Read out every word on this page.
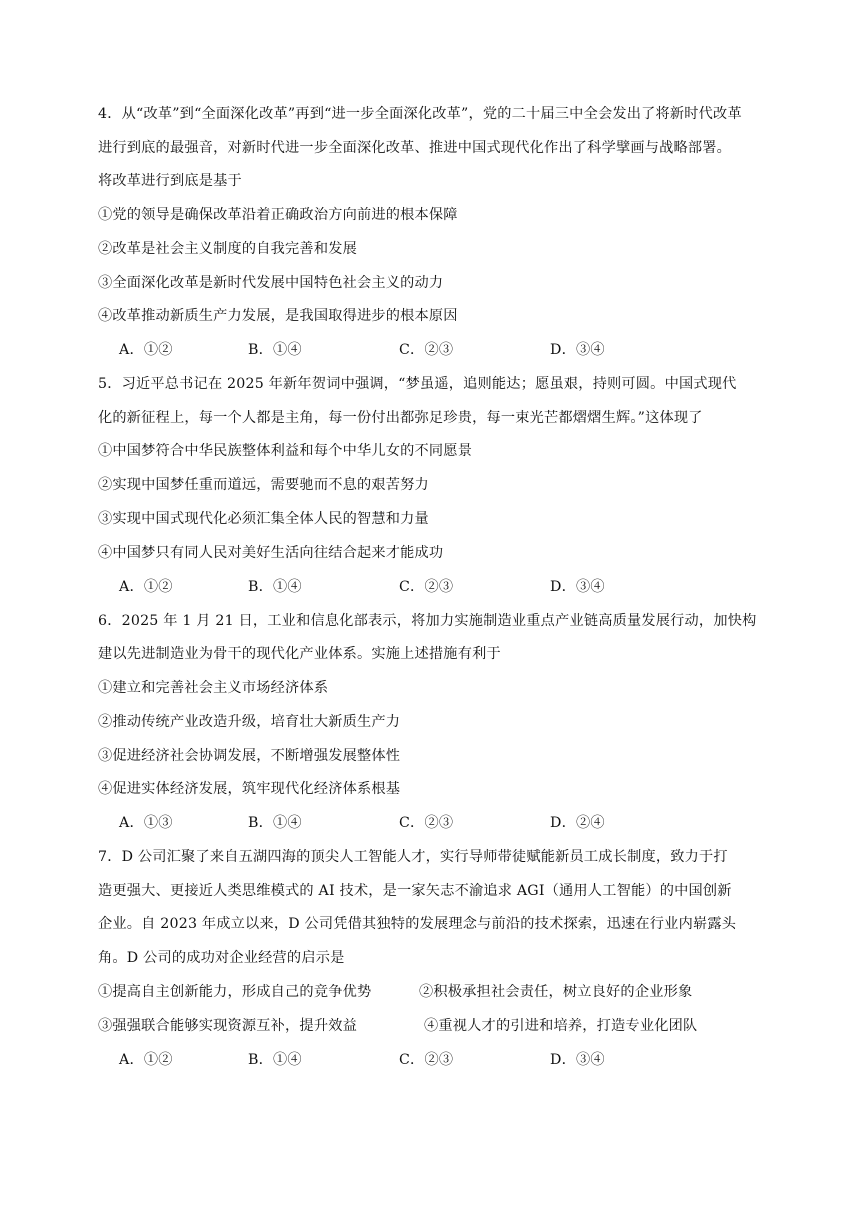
4．从“改革”到“全面深化改革”再到“进一步全面深化改革”，党的二十届三中全会发出了将新时代改革
进行到底的最强音，对新时代进一步全面深化改革、推进中国式现代化作出了科学擘画与战略部署。
将改革进行到底是基于
①党的领导是确保改革沿着正确政治方向前进的根本保障
②改革是社会主义制度的自我完善和发展
③全面深化改革是新时代发展中国特色社会主义的动力
④改革推动新质生产力发展，是我国取得进步的根本原因
A．①②	B．①④	C．②③	D．③④
5．习近平总书记在 2025 年新年贺词中强调，“梦虽遥，追则能达；愿虽艰，持则可圆。中国式现代
化的新征程上，每一个人都是主角，每一份付出都弥足珍贵，每一束光芒都熠熠生辉。”这体现了
①中国梦符合中华民族整体利益和每个中华儿女的不同愿景
②实现中国梦任重而道远，需要驰而不息的艰苦努力
③实现中国式现代化必须汇集全体人民的智慧和力量
④中国梦只有同人民对美好生活向往结合起来才能成功
A．①②	B．①④	C．②③	D．③④
6．2025 年 1 月 21 日，工业和信息化部表示，将加力实施制造业重点产业链高质量发展行动，加快构
建以先进制造业为骨干的现代化产业体系。实施上述措施有利于
①建立和完善社会主义市场经济体系
②推动传统产业改造升级，培育壮大新质生产力
③促进经济社会协调发展，不断增强发展整体性
④促进实体经济发展，筑牢现代化经济体系根基
A．①③	B．①④	C．②③	D．②④
7．D 公司汇聚了来自五湖四海的顶尖人工智能人才，实行导师带徒赋能新员工成长制度，致力于打
造更强大、更接近人类思维模式的 AI 技术，是一家矢志不渝追求 AGI（通用人工智能）的中国创新
企业。自 2023 年成立以来，D 公司凭借其独特的发展理念与前沿的技术探索，迅速在行业内崭露头
角。D 公司的成功对企业经营的启示是
①提高自主创新能力，形成自己的竞争优势	②积极承担社会责任，树立良好的企业形象
③强强联合能够实现资源互补，提升效益	④重视人才的引进和培养，打造专业化团队
A．①②	B．①④	C．②③	D．③④
